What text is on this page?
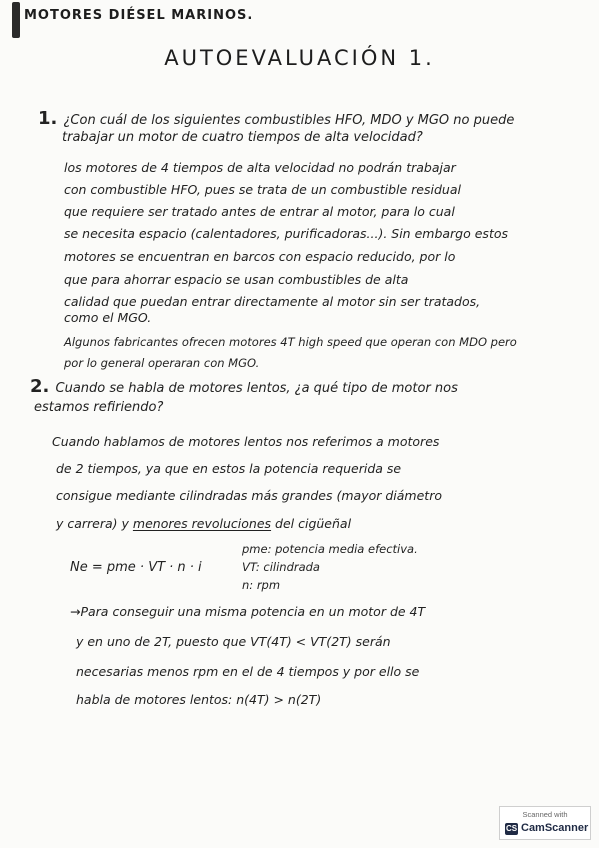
MOTORES DIÉSEL MARINOS.
AUTOEVALUACIÓN 1.
1. ¿Con cuál de los siguientes combustibles HFO, MDO y MGO no puede
trabajar un motor de cuatro tiempos de alta velocidad?
los motores de 4 tiempos de alta velocidad no podrán trabajar
con combustible HFO, pues se trata de un combustible residual
que requiere ser tratado antes de entrar al motor, para lo cual
se necesita espacio (calentadores, purificadoras...). Sin embargo estos
motores se encuentran en barcos con espacio reducido, por lo
que para ahorrar espacio se usan combustibles de alta
calidad que puedan entrar directamente al motor sin ser tratados,
como el MGO.
Algunos fabricantes ofrecen motores 4T high speed que operan con MDO pero
por lo general operaran con MGO.
2. Cuando se habla de motores lentos, ¿a qué tipo de motor nos
estamos refiriendo?
Cuando hablamos de motores lentos nos referimos a motores
de 2 tiempos, ya que en estos la potencia requerida se
consigue mediante cilindradas más grandes (mayor diámetro
y carrera) y menores revoluciones del cigüeñal
Ne = pme · VT · n · i
pme: potencia media efectiva.
VT: cilindrada
n: rpm
→Para conseguir una misma potencia en un motor de 4T
y en uno de 2T, puesto que VT(4T) < VT(2T) serán
necesarias menos rpm en el de 4 tiempos y por ello se
habla de motores lentos: n(4T) > n(2T)
Scanned with
CS CamScanner
